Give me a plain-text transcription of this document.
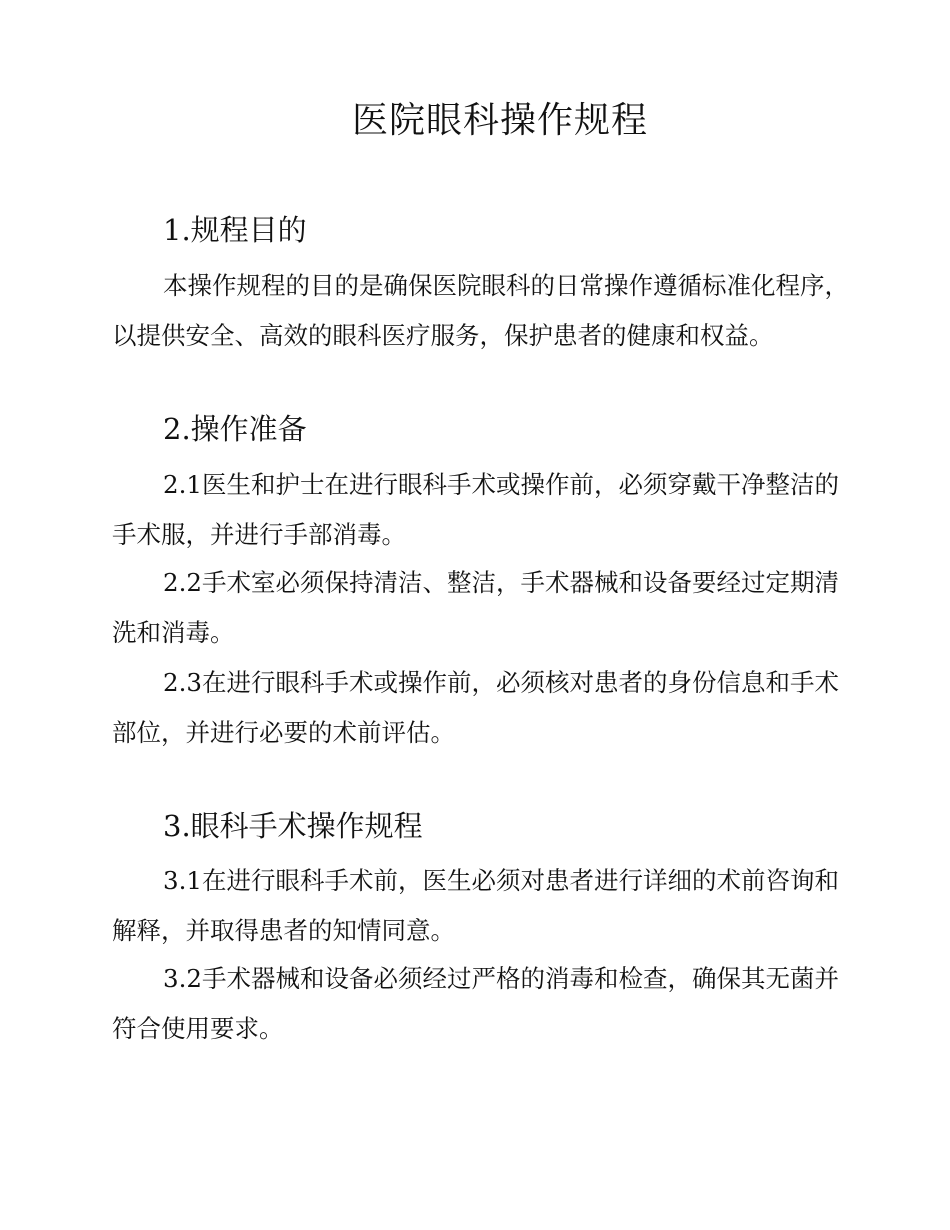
医院眼科操作规程
1.规程目的

本操作规程的目的是确保医院眼科的日常操作遵循标准化程序，以提供安全、高效的眼科医疗服务，保护患者的健康和权益。

2.操作准备

2.1医生和护士在进行眼科手术或操作前，必须穿戴干净整洁的手术服，并进行手部消毒。

2.2手术室必须保持清洁、整洁，手术器械和设备要经过定期清洗和消毒。

2.3在进行眼科手术或操作前，必须核对患者的身份信息和手术部位，并进行必要的术前评估。

3.眼科手术操作规程

3.1在进行眼科手术前，医生必须对患者进行详细的术前咨询和解释，并取得患者的知情同意。

3.2手术器械和设备必须经过严格的消毒和检查，确保其无菌并符合使用要求。
